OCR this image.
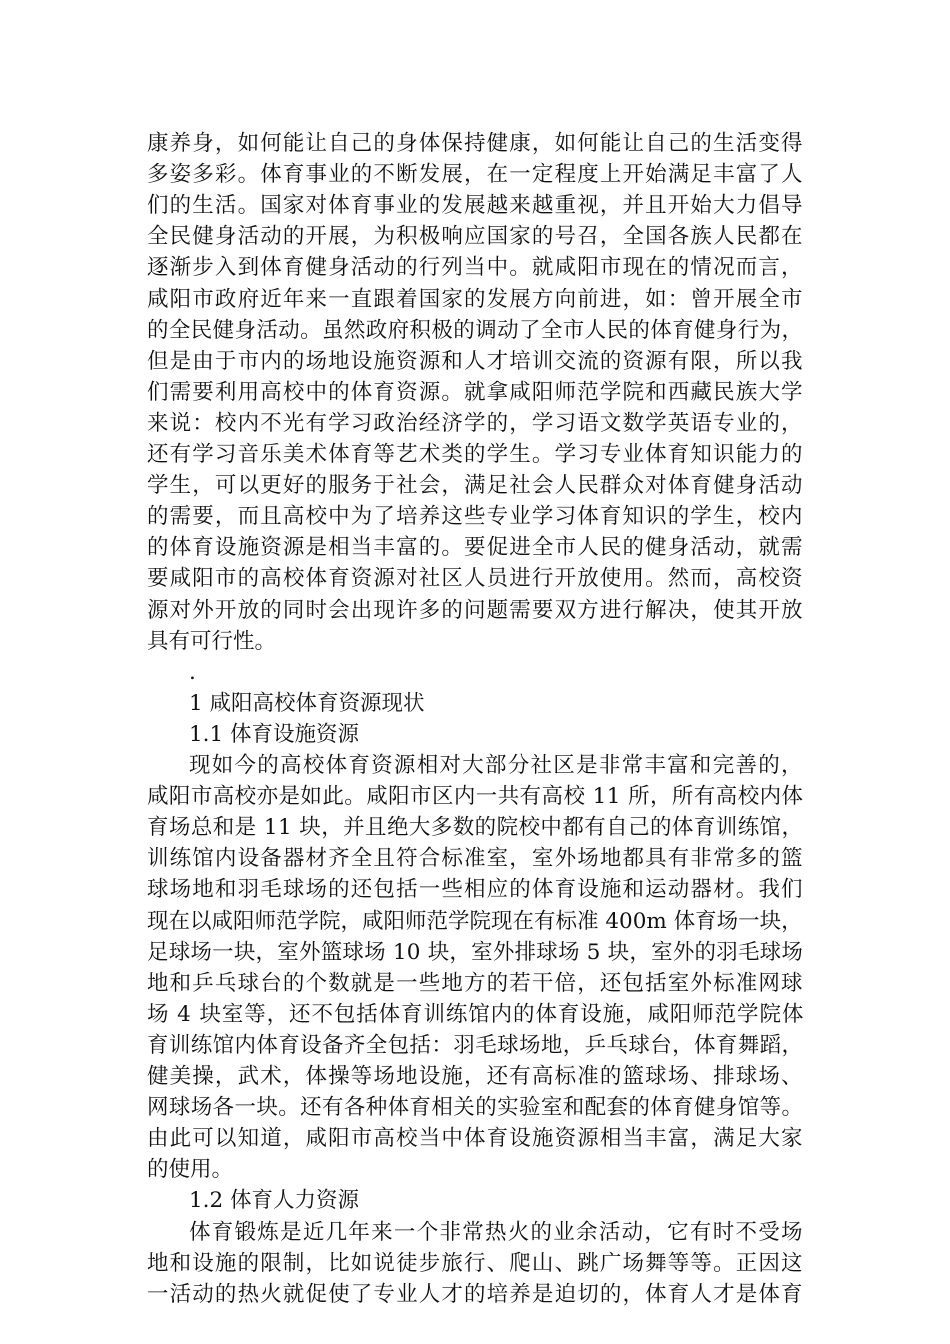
康养身，如何能让自己的身体保持健康，如何能让自己的生活变得
多姿多彩。体育事业的不断发展，在一定程度上开始满足丰富了人
们的生活。国家对体育事业的发展越来越重视，并且开始大力倡导
全民健身活动的开展，为积极响应国家的号召，全国各族人民都在
逐渐步入到体育健身活动的行列当中。就咸阳市现在的情况而言，
咸阳市政府近年来一直跟着国家的发展方向前进，如：曾开展全市
的全民健身活动。虽然政府积极的调动了全市人民的体育健身行为，
但是由于市内的场地设施资源和人才培训交流的资源有限，所以我
们需要利用高校中的体育资源。就拿咸阳师范学院和西藏民族大学
来说：校内不光有学习政治经济学的，学习语文数学英语专业的，
还有学习音乐美术体育等艺术类的学生。学习专业体育知识能力的
学生，可以更好的服务于社会，满足社会人民群众对体育健身活动
的需要，而且高校中为了培养这些专业学习体育知识的学生，校内
的体育设施资源是相当丰富的。要促进全市人民的健身活动，就需
要咸阳市的高校体育资源对社区人员进行开放使用。然而，高校资
源对外开放的同时会出现许多的问题需要双方进行解决，使其开放
具有可行性。
.
1 咸阳高校体育资源现状
1.1 体育设施资源
现如今的高校体育资源相对大部分社区是非常丰富和完善的，
咸阳市高校亦是如此。咸阳市区内一共有高校 11 所，所有高校内体
育场总和是 11 块，并且绝大多数的院校中都有自己的体育训练馆，
训练馆内设备器材齐全且符合标准室，室外场地都具有非常多的篮
球场地和羽毛球场的还包括一些相应的体育设施和运动器材。我们
现在以咸阳师范学院，咸阳师范学院现在有标准 400m 体育场一块，
足球场一块，室外篮球场 10 块，室外排球场 5 块，室外的羽毛球场
地和乒乓球台的个数就是一些地方的若干倍，还包括室外标准网球
场 4 块室等，还不包括体育训练馆内的体育设施，咸阳师范学院体
育训练馆内体育设备齐全包括：羽毛球场地，乒乓球台，体育舞蹈，
健美操，武术，体操等场地设施，还有高标准的篮球场、排球场、
网球场各一块。还有各种体育相关的实验室和配套的体育健身馆等。
由此可以知道，咸阳市高校当中体育设施资源相当丰富，满足大家
的使用。
1.2 体育人力资源
体育锻炼是近几年来一个非常热火的业余活动，它有时不受场
地和设施的限制，比如说徒步旅行、爬山、跳广场舞等等。正因这
一活动的热火就促使了专业人才的培养是迫切的，体育人才是体育
